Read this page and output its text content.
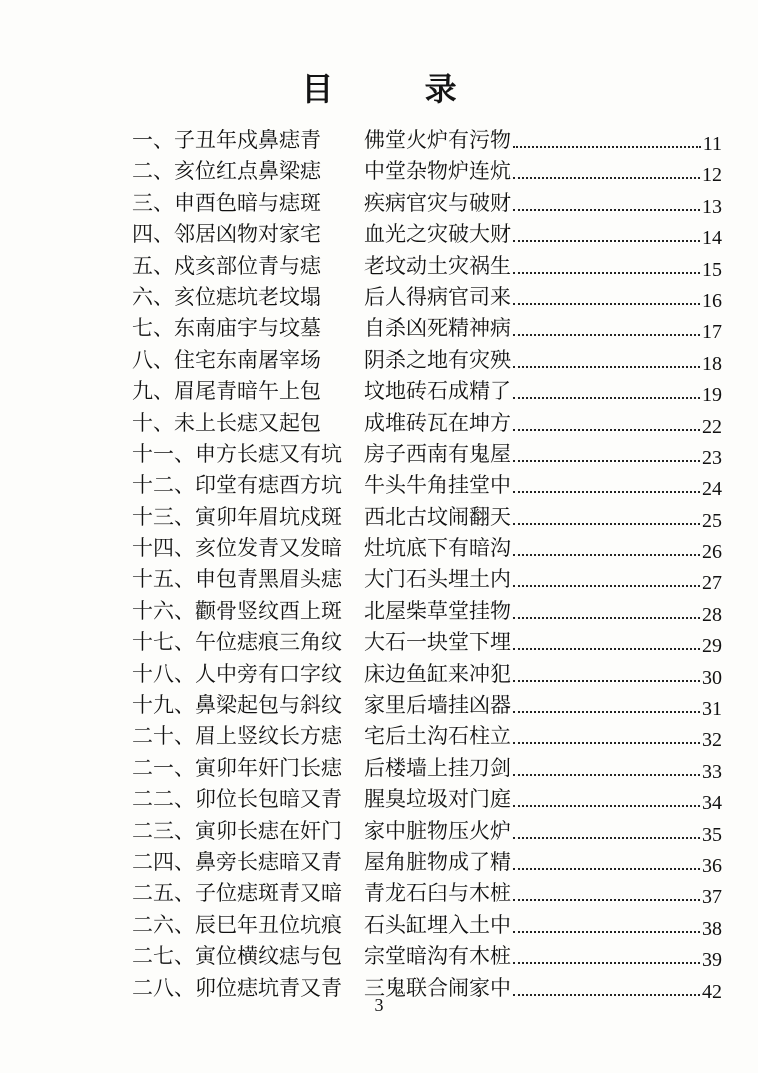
目 录
一、子丑年戍鼻痣青 佛堂火炉有污物	11
二、亥位红点鼻梁痣 中堂杂物炉连炕	12
三、申酉色暗与痣斑 疾病官灾与破财	13
四、邻居凶物对家宅 血光之灾破大财	14
五、戍亥部位青与痣 老坟动土灾祸生	15
六、亥位痣坑老坟塌 后人得病官司来	16
七、东南庙宇与坟墓 自杀凶死精神病	17
八、住宅东南屠宰场 阴杀之地有灾殃	18
九、眉尾青暗午上包 坟地砖石成精了	19
十、未上长痣又起包 成堆砖瓦在坤方	22
十一、申方长痣又有坑 房子西南有鬼屋	23
十二、印堂有痣酉方坑 牛头牛角挂堂中	24
十三、寅卯年眉坑戍斑 西北古坟闹翻天	25
十四、亥位发青又发暗 灶坑底下有暗沟	26
十五、申包青黑眉头痣 大门石头埋土内	27
十六、颧骨竖纹酉上斑 北屋柴草堂挂物	28
十七、午位痣痕三角纹 大石一块堂下埋	29
十八、人中旁有口字纹 床边鱼缸来冲犯	30
十九、鼻梁起包与斜纹 家里后墙挂凶器	31
二十、眉上竖纹长方痣 宅后土沟石柱立	32
二一、寅卯年奸门长痣 后楼墙上挂刀剑	33
二二、卯位长包暗又青 腥臭垃圾对门庭	34
二三、寅卯长痣在奸门 家中脏物压火炉	35
二四、鼻旁长痣暗又青 屋角脏物成了精	36
二五、子位痣斑青又暗 青龙石臼与木桩	37
二六、辰巳年丑位坑痕 石头缸埋入土中	38
二七、寅位横纹痣与包 宗堂暗沟有木桩	39
二八、卯位痣坑青又青 三鬼联合闹家中	42
3
